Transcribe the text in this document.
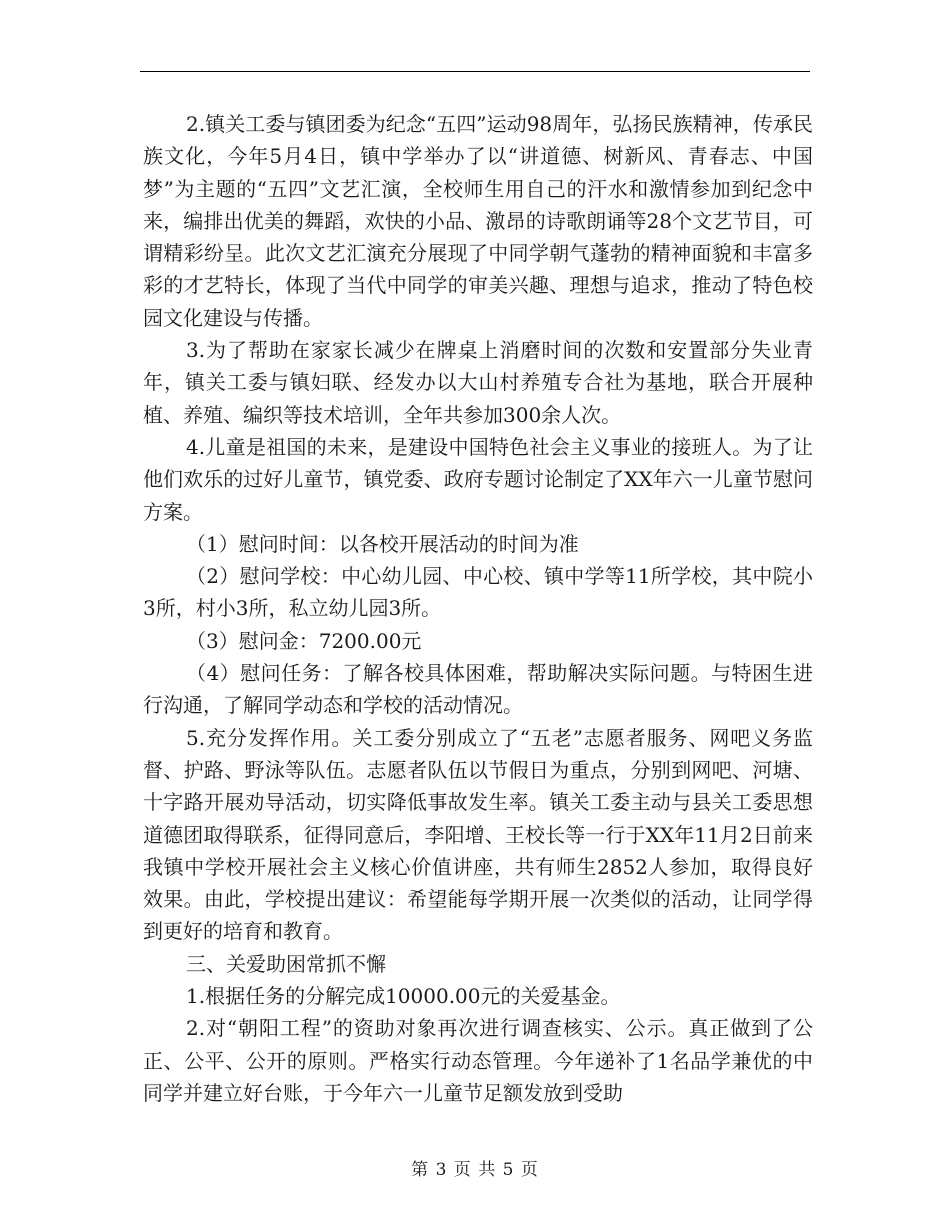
2.镇关工委与镇团委为纪念“五四”运动98周年，弘扬民族精神，传承民族文化，今年5月4日，镇中学举办了以“讲道德、树新风、青春志、中国梦”为主题的“五四”文艺汇演，全校师生用自己的汗水和激情参加到纪念中来，编排出优美的舞蹈，欢快的小品、激昂的诗歌朗诵等28个文艺节目，可谓精彩纷呈。此次文艺汇演充分展现了中同学朝气蓬勃的精神面貌和丰富多彩的才艺特长，体现了当代中同学的审美兴趣、理想与追求，推动了特色校园文化建设与传播。

3.为了帮助在家家长减少在牌桌上消磨时间的次数和安置部分失业青年，镇关工委与镇妇联、经发办以大山村养殖专合社为基地，联合开展种植、养殖、编织等技术培训，全年共参加300余人次。

4.儿童是祖国的未来，是建设中国特色社会主义事业的接班人。为了让他们欢乐的过好儿童节，镇党委、政府专题讨论制定了XX年六一儿童节慰问方案。

（1）慰问时间：以各校开展活动的时间为准

（2）慰问学校：中心幼儿园、中心校、镇中学等11所学校，其中院小3所，村小3所，私立幼儿园3所。

（3）慰问金：7200.00元

（4）慰问任务：了解各校具体困难，帮助解决实际问题。与特困生进行沟通，了解同学动态和学校的活动情况。

5.充分发挥作用。关工委分别成立了“五老”志愿者服务、网吧义务监督、护路、野泳等队伍。志愿者队伍以节假日为重点，分别到网吧、河塘、十字路开展劝导活动，切实降低事故发生率。镇关工委主动与县关工委思想道德团取得联系，征得同意后，李阳增、王校长等一行于XX年11月2日前来我镇中学校开展社会主义核心价值讲座，共有师生2852人参加，取得良好效果。由此，学校提出建议：希望能每学期开展一次类似的活动，让同学得到更好的培育和教育。

三、关爱助困常抓不懈

1.根据任务的分解完成10000.00元的关爱基金。

2.对“朝阳工程”的资助对象再次进行调查核实、公示。真正做到了公正、公平、公开的原则。严格实行动态管理。今年递补了1名品学兼优的中同学并建立好台账，于今年六一儿童节足额发放到受助

第 3 页 共 5 页
